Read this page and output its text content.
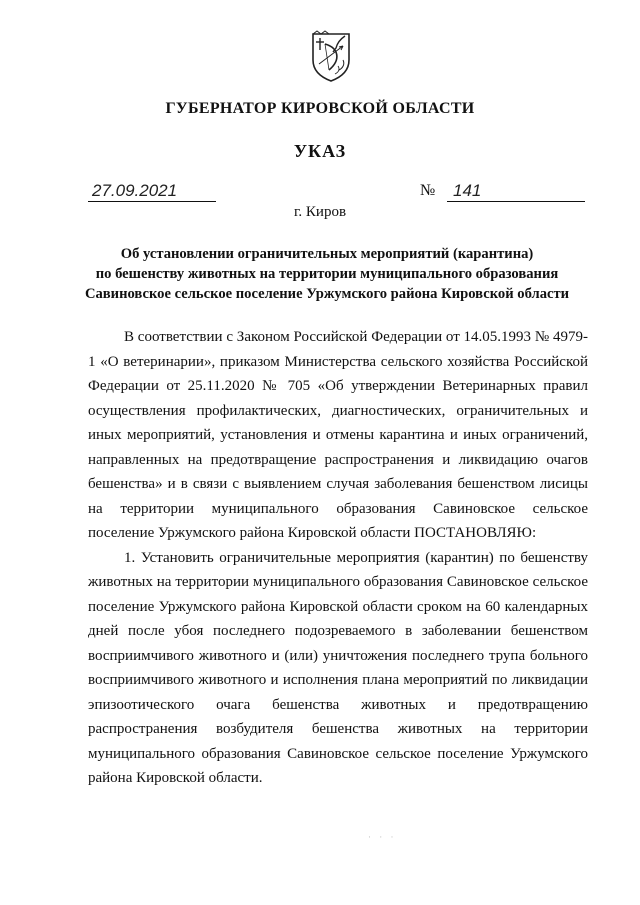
ГУБЕРНАТОР КИРОВСКОЙ ОБЛАСТИ
УКАЗ
27.09.2021	№	141
г. Киров
Об установлении ограничительных мероприятий (карантина)
по бешенству животных на территории муниципального образования
Савиновское сельское поселение Уржумского района Кировской области

В соответствии с Законом Российской Федерации от 14.05.1993 № 4979-1 «О ветеринарии», приказом Министерства сельского хозяйства Российской Федерации от 25.11.2020 № 705 «Об утверждении Ветеринарных правил осуществления профилактических, диагностических, ограничительных и иных мероприятий, установления и отмены карантина и иных ограничений, направленных на предотвращение распространения и ликвидацию очагов бешенства» и в связи с выявлением случая заболевания бешенством лисицы на территории муниципального образования Савиновское сельское поселение Уржумского района Кировской области ПОСТАНОВЛЯЮ:

1. Установить ограничительные мероприятия (карантин) по бешенству животных на территории муниципального образования Савиновское сельское поселение Уржумского района Кировской области сроком на 60 календарных дней после убоя последнего подозреваемого в заболевании бешенством восприимчивого животного и (или) уничтожения последнего трупа больного восприимчивого животного и исполнения плана мероприятий по ликвидации эпизоотического очага бешенства животных и предотвращению распространения возбудителя бешенства животных на территории муниципального образования Савиновское сельское поселение Уржумского района Кировской области.

· · ·
